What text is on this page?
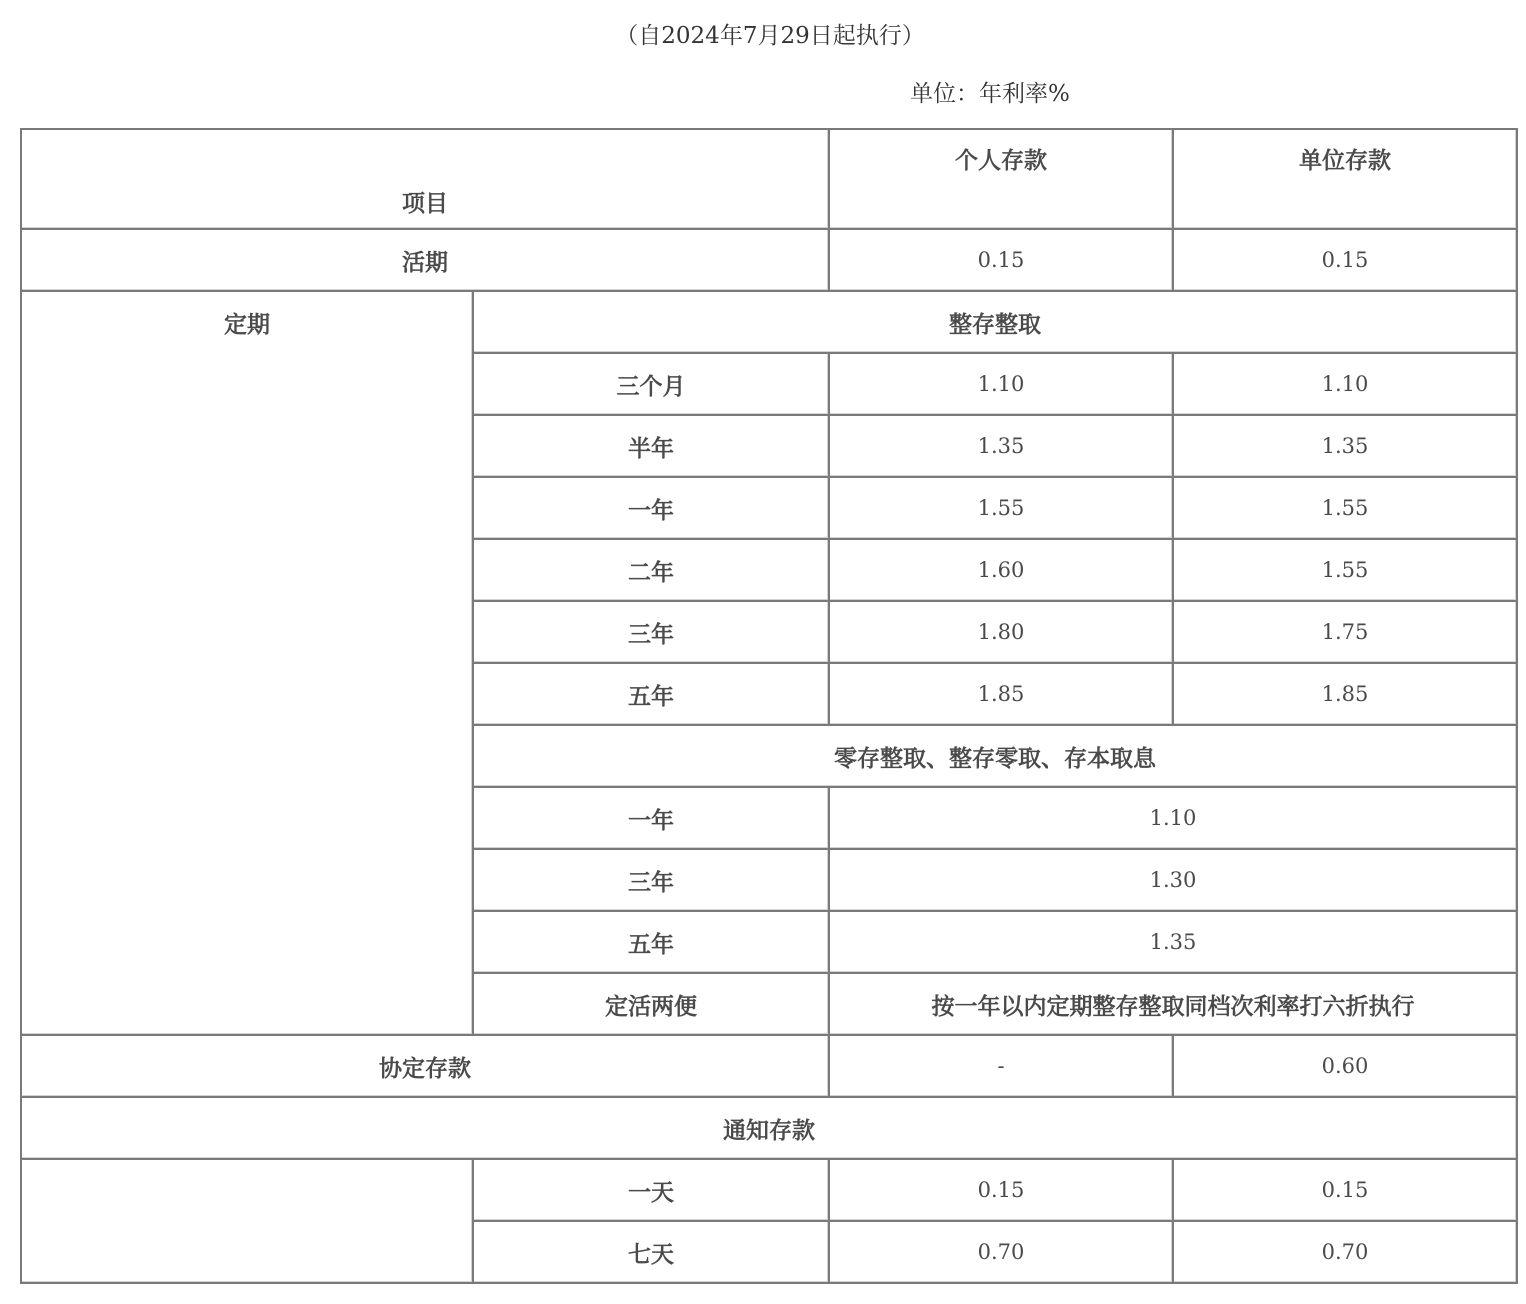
（自2024年7月29日起执行）
单位：年利率%
项目		个人存款	单位存款
活期		0.15	0.15
定期	整存整取		
	三个月	1.10	1.10
	半年	1.35	1.35
	一年	1.55	1.55
	二年	1.60	1.55
	三年	1.80	1.75
	五年	1.85	1.85
	零存整取、整存零取、存本取息		
	一年	1.10	
	三年	1.30	
	五年	1.35	
	定活两便	按一年以内定期整存整取同档次利率打六折执行	
协定存款		-	0.60
通知存款			
	一天	0.15	0.15
	七天	0.70	0.70
